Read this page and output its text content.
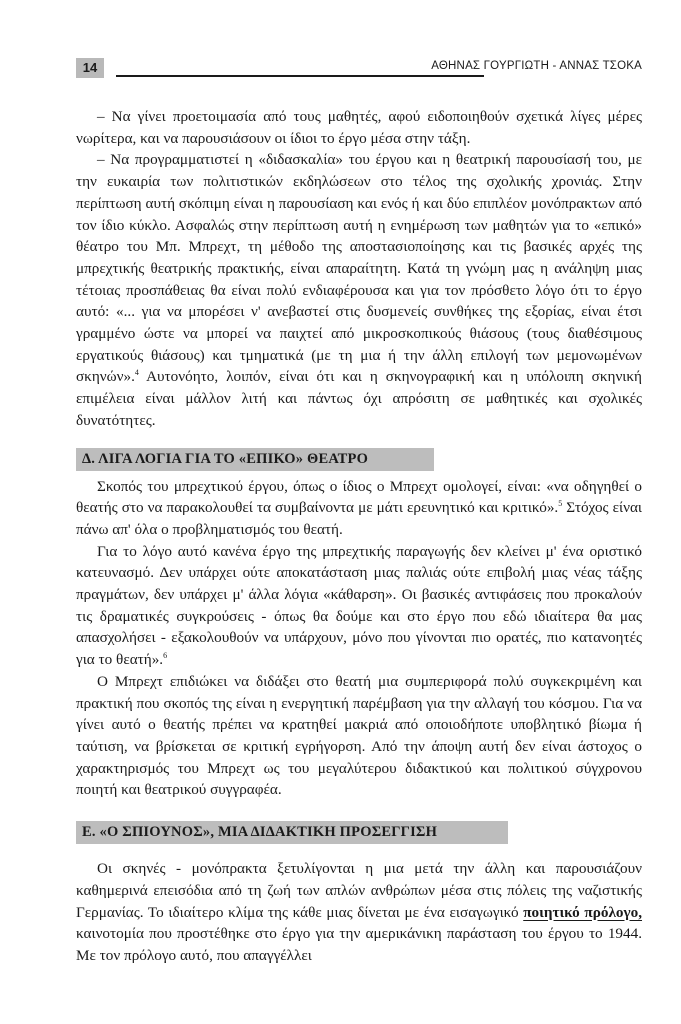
14	ΑΘΗΝΑΣ ΓΟΥΡΓΙΩΤΗ - ΑΝΝΑΣ ΤΣΟΚΑ

– Να γίνει προετοιμασία από τους μαθητές, αφού ειδοποιηθούν σχετικά λίγες μέρες νωρίτερα, και να παρουσιάσουν οι ίδιοι το έργο μέσα στην τάξη.

– Να προγραμματιστεί η «διδασκαλία» του έργου και η θεατρική παρουσίασή του, με την ευκαιρία των πολιτιστικών εκδηλώσεων στο τέλος της σχολικής χρονιάς. Στην περίπτωση αυτή σκόπιμη είναι η παρουσίαση και ενός ή και δύο επιπλέον μονόπρακτων από τον ίδιο κύκλο. Ασφαλώς στην περίπτωση αυτή η ενημέρωση των μαθητών για το «επικό» θέατρο του Μπ. Μπρεχτ, τη μέθοδο της αποστασιοποίησης και τις βασικές αρχές της μπρεχτικής θεατρικής πρακτικής, είναι απαραίτητη. Κατά τη γνώμη μας η ανάληψη μιας τέτοιας προσπάθειας θα είναι πολύ ενδιαφέρουσα και για τον πρόσθετο λόγο ότι το έργο αυτό: «... για να μπορέσει ν' ανεβαστεί στις δυσμενείς συνθήκες της εξορίας, είναι έτσι γραμμένο ώστε να μπορεί να παιχτεί από μικροσκοπικούς θιάσους (τους διαθέσιμους εργατικούς θιάσους) και τμηματικά (με τη μια ή την άλλη επιλογή των μεμονωμένων σκηνών».$^4$ Αυτονόητο, λοιπόν, είναι ότι και η σκηνογραφική και η υπόλοιπη σκηνική επιμέλεια είναι μάλλον λιτή και πάντως όχι απρόσιτη σε μαθητικές και σχολικές δυνατότητες.

Δ. ΛΙΓΑ ΛΟΓΙΑ ΓΙΑ ΤΟ «ΕΠΙΚΟ» ΘΕΑΤΡΟ

Σκοπός του μπρεχτικού έργου, όπως ο ίδιος ο Μπρεχτ ομολογεί, είναι: «να οδηγηθεί ο θεατής στο να παρακολουθεί τα συμβαίνοντα με μάτι ερευνητικό και κριτικό».$^5$ Στόχος είναι πάνω απ' όλα ο προβληματισμός του θεατή.

Για το λόγο αυτό κανένα έργο της μπρεχτικής παραγωγής δεν κλείνει μ' ένα οριστικό κατευνασμό. Δεν υπάρχει ούτε αποκατάσταση μιας παλιάς ούτε επιβολή μιας νέας τάξης πραγμάτων, δεν υπάρχει μ' άλλα λόγια «κάθαρση». Οι βασικές αντιφάσεις που προκαλούν τις δραματικές συγκρούσεις - όπως θα δούμε και στο έργο που εδώ ιδιαίτερα θα μας απασχολήσει - εξακολουθούν να υπάρχουν, μόνο που γίνονται πιο ορατές, πιο κατανοητές για το θεατή».$^6$

Ο Μπρεχτ επιδιώκει να διδάξει στο θεατή μια συμπεριφορά πολύ συγκεκριμένη και πρακτική που σκοπός της είναι η ενεργητική παρέμβαση για την αλλαγή του κόσμου. Για να γίνει αυτό ο θεατής πρέπει να κρατηθεί μακριά από οποιοδήποτε υποβλητικό βίωμα ή ταύτιση, να βρίσκεται σε κριτική εγρήγορση. Από την άποψη αυτή δεν είναι άστοχος ο χαρακτηρισμός του Μπρεχτ ως του μεγαλύτερου διδακτικού και πολιτικού σύγχρονου ποιητή και θεατρικού συγγραφέα.

Ε. «Ο ΣΠΙΟΥΝΟΣ», ΜΙΑ ΔΙΔΑΚΤΙΚΗ ΠΡΟΣΕΓΓΙΣΗ

Οι σκηνές - μονόπρακτα ξετυλίγονται η μια μετά την άλλη και παρουσιάζουν καθημερινά επεισόδια από τη ζωή των απλών ανθρώπων μέσα στις πόλεις της ναζιστικής Γερμανίας. Το ιδιαίτερο κλίμα της κάθε μιας δίνεται με ένα εισαγωγικό ποιητικό πρόλογο, καινοτομία που προστέθηκε στο έργο για την αμερικάνικη παράσταση του έργου το 1944. Με τον πρόλογο αυτό, που απαγγέλλει
